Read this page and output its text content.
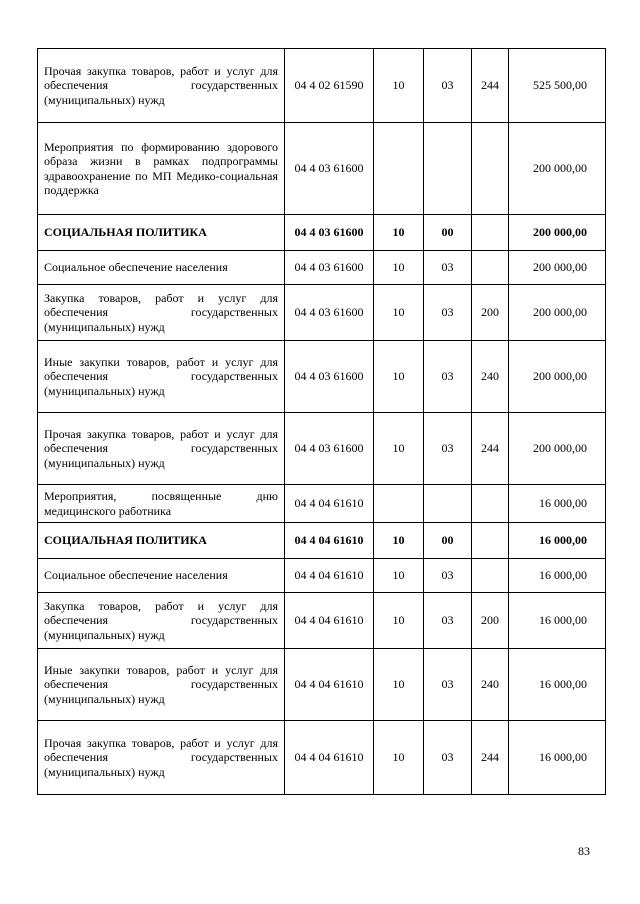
Прочая закупка товаров, работ и услуг для обеспечения государственных (муниципальных) нужд	04 4 02 61590	10	03	244	525 500,00
Мероприятия по формированию здорового образа жизни в рамках подпрограммы здравоохранение по МП Медико-социальная поддержка	04 4 03 61600				200 000,00
СОЦИАЛЬНАЯ ПОЛИТИКА	04 4 03 61600	10	00		200 000,00
Социальное обеспечение населения	04 4 03 61600	10	03		200 000,00
Закупка товаров, работ и услуг для обеспечения государственных (муниципальных) нужд	04 4 03 61600	10	03	200	200 000,00
Иные закупки товаров, работ и услуг для обеспечения государственных (муниципальных) нужд	04 4 03 61600	10	03	240	200 000,00
Прочая закупка товаров, работ и услуг для обеспечения государственных (муниципальных) нужд	04 4 03 61600	10	03	244	200 000,00
Мероприятия, посвященные дню медицинского работника	04 4 04 61610				16 000,00
СОЦИАЛЬНАЯ ПОЛИТИКА	04 4 04 61610	10	00		16 000,00
Социальное обеспечение населения	04 4 04 61610	10	03		16 000,00
Закупка товаров, работ и услуг для обеспечения государственных (муниципальных) нужд	04 4 04 61610	10	03	200	16 000,00
Иные закупки товаров, работ и услуг для обеспечения государственных (муниципальных) нужд	04 4 04 61610	10	03	240	16 000,00
Прочая закупка товаров, работ и услуг для обеспечения государственных (муниципальных) нужд	04 4 04 61610	10	03	244	16 000,00
83
